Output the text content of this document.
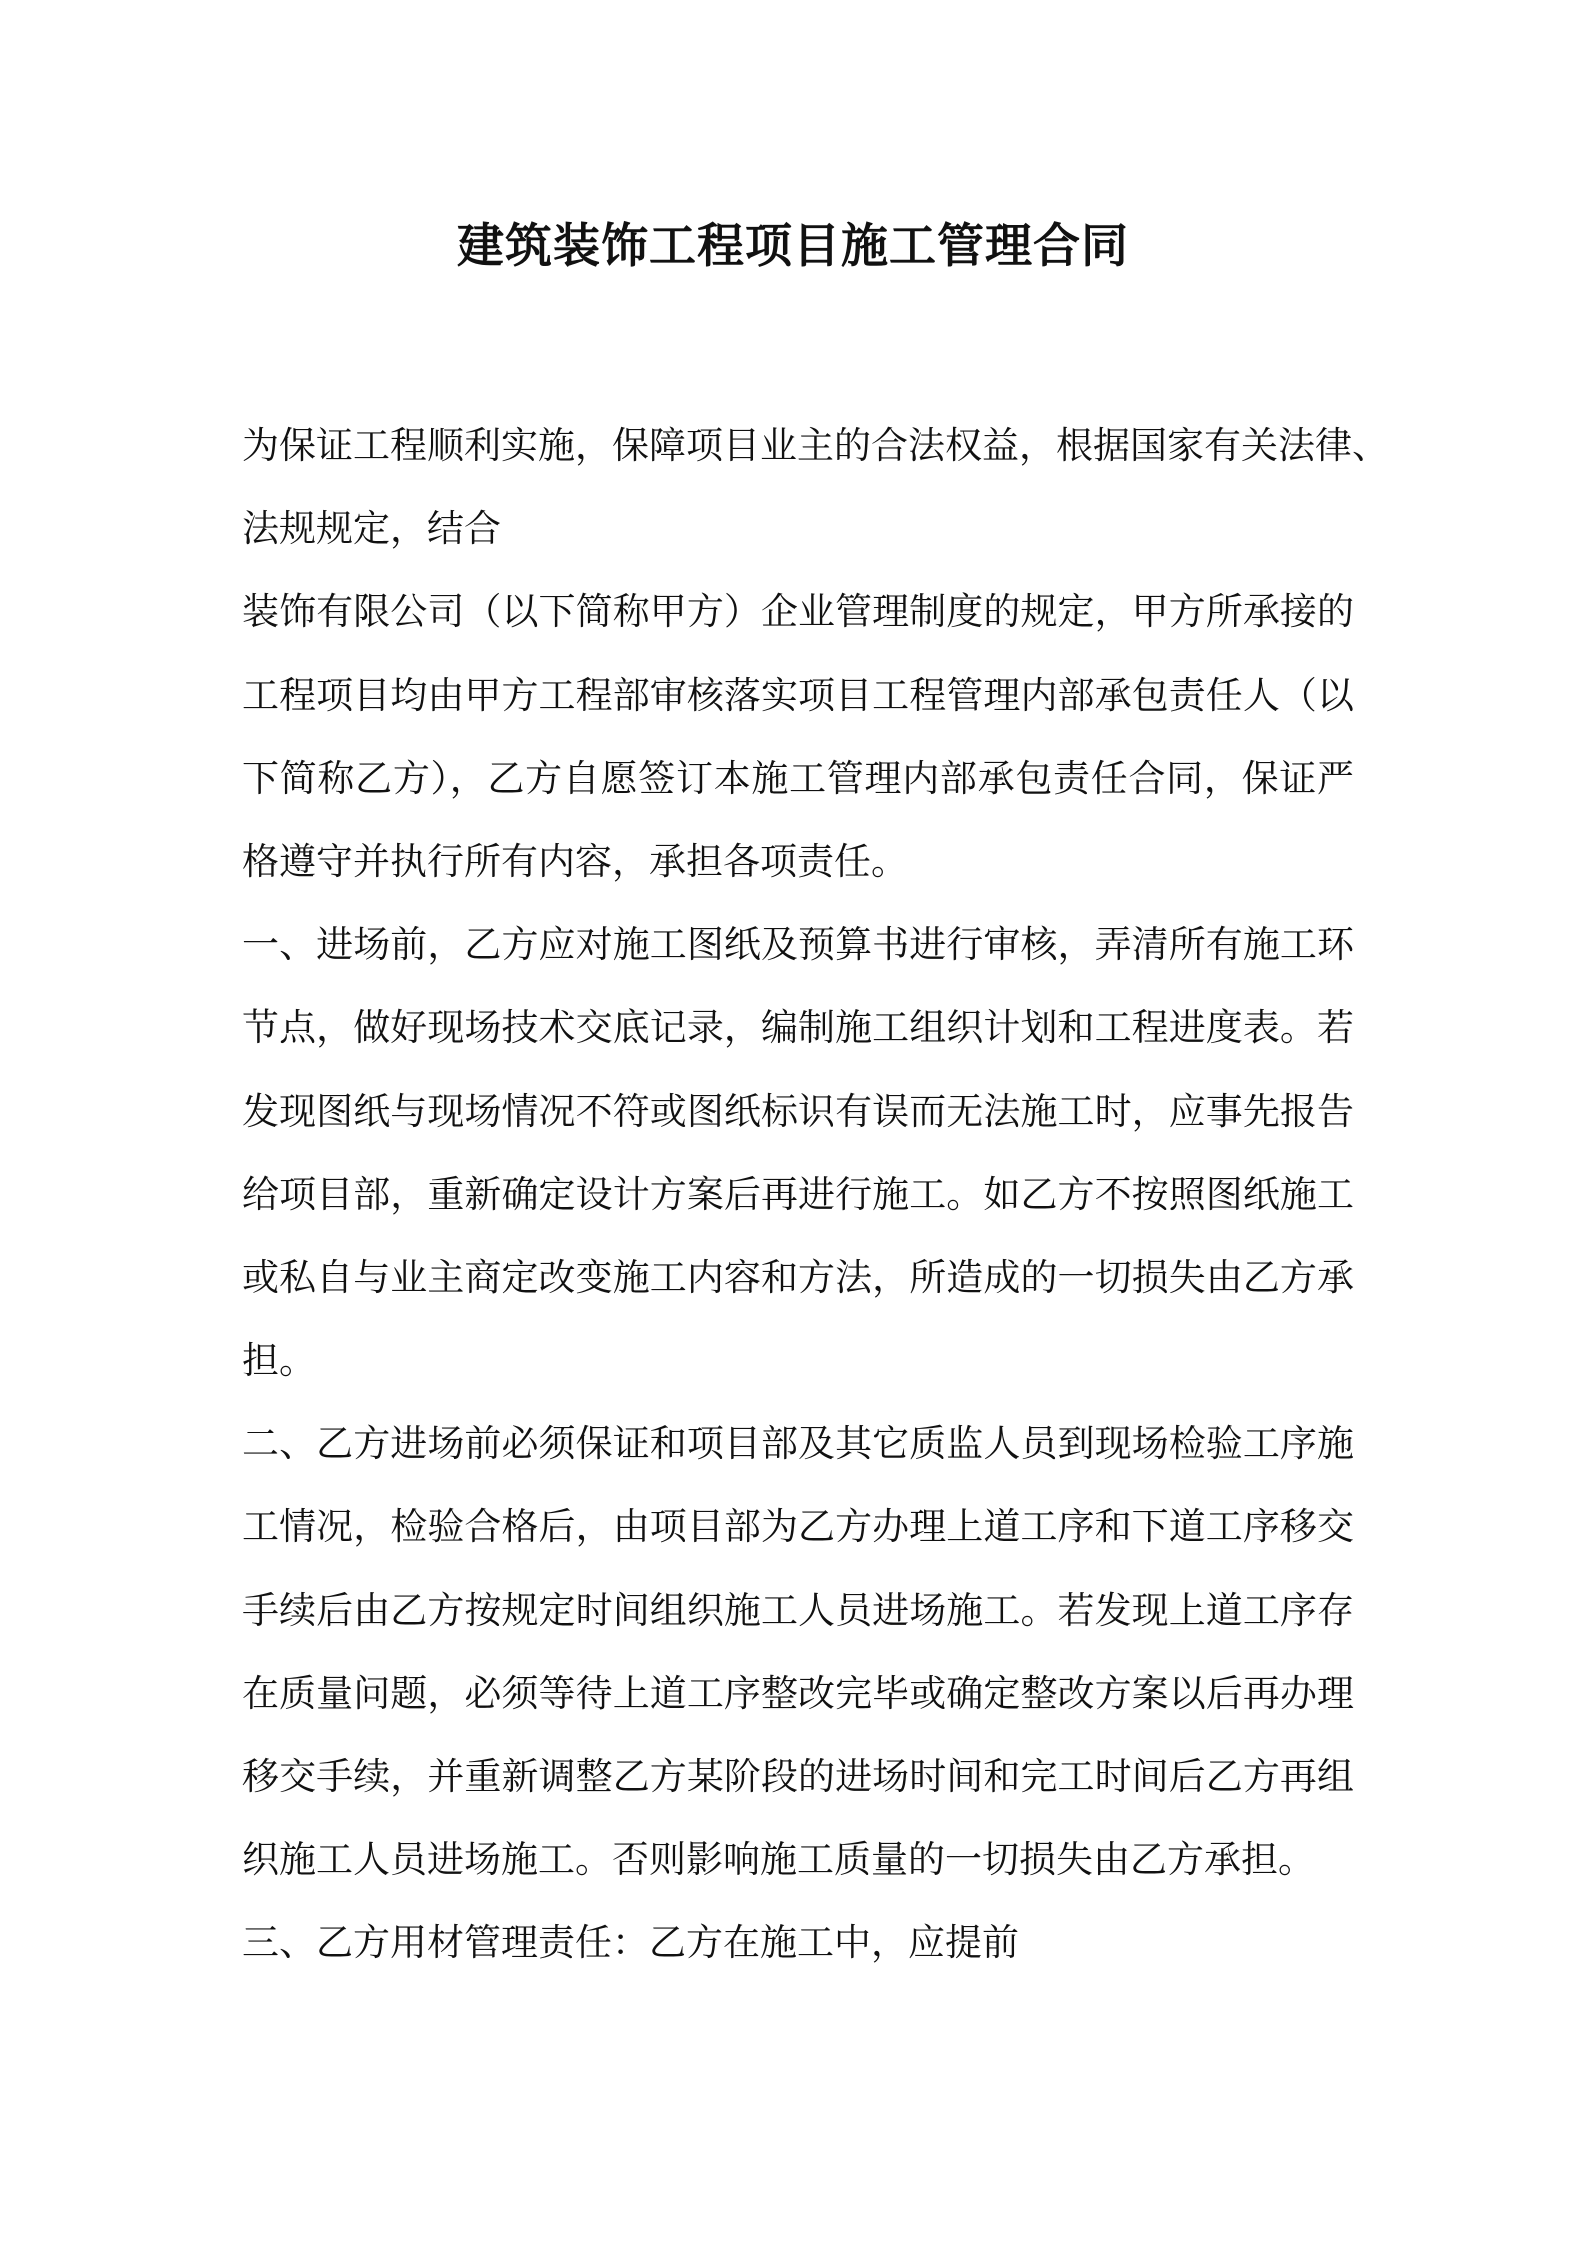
建筑装饰工程项目施工管理合同
为保证工程顺利实施，保障项目业主的合法权益，根据国家有关法律、
法规规定，结合
装饰有限公司（以下简称甲方）企业管理制度的规定，甲方所承接的
工程项目均由甲方工程部审核落实项目工程管理内部承包责任人（以
下简称乙方），乙方自愿签订本施工管理内部承包责任合同，保证严
格遵守并执行所有内容，承担各项责任。
一、进场前，乙方应对施工图纸及预算书进行审核，弄清所有施工环
节点，做好现场技术交底记录，编制施工组织计划和工程进度表。若
发现图纸与现场情况不符或图纸标识有误而无法施工时，应事先报告
给项目部，重新确定设计方案后再进行施工。如乙方不按照图纸施工
或私自与业主商定改变施工内容和方法，所造成的一切损失由乙方承
担。
二、乙方进场前必须保证和项目部及其它质监人员到现场检验工序施
工情况，检验合格后，由项目部为乙方办理上道工序和下道工序移交
手续后由乙方按规定时间组织施工人员进场施工。若发现上道工序存
在质量问题，必须等待上道工序整改完毕或确定整改方案以后再办理
移交手续，并重新调整乙方某阶段的进场时间和完工时间后乙方再组
织施工人员进场施工。否则影响施工质量的一切损失由乙方承担。
三、乙方用材管理责任：乙方在施工中，应提前
